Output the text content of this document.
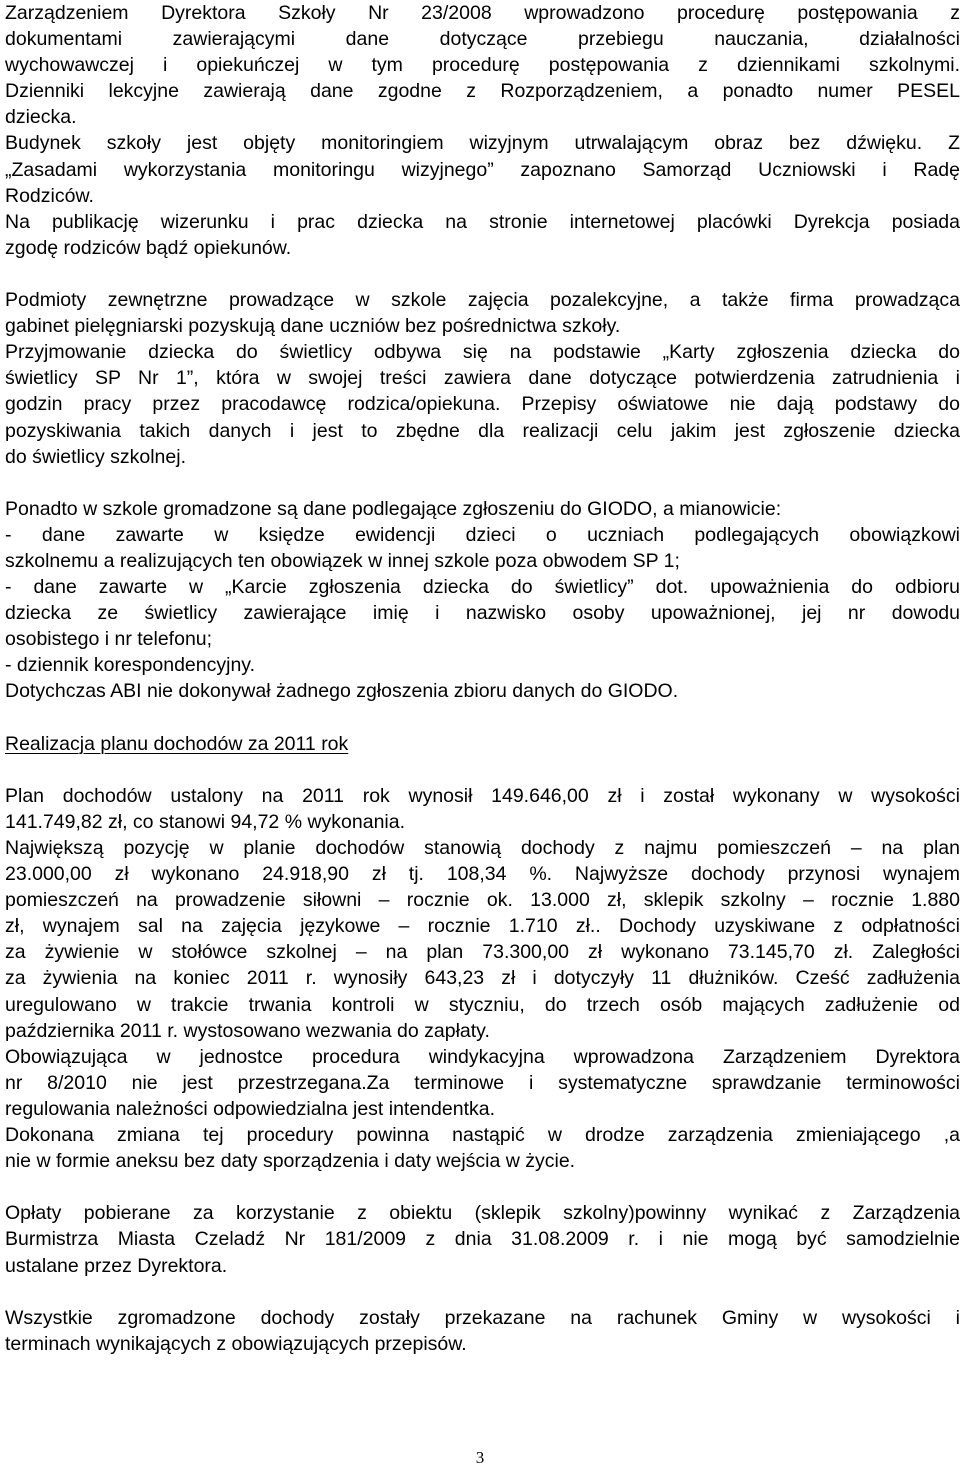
Zarządzeniem Dyrektora Szkoły Nr 23/2008 wprowadzono procedurę postępowania z
dokumentami zawierającymi dane dotyczące przebiegu nauczania, działalności
wychowawczej i opiekuńczej w tym procedurę postępowania z dziennikami szkolnymi.
Dzienniki lekcyjne zawierają dane zgodne z Rozporządzeniem, a ponadto numer PESEL
dziecka.
Budynek szkoły jest objęty monitoringiem wizyjnym utrwalającym obraz bez dźwięku. Z
„Zasadami wykorzystania monitoringu wizyjnego” zapoznano Samorząd Uczniowski i Radę
Rodziców.
Na publikację wizerunku i prac dziecka na stronie internetowej placówki Dyrekcja posiada
zgodę rodziców bądź opiekunów.
Podmioty zewnętrzne prowadzące w szkole zajęcia pozalekcyjne, a także firma prowadząca
gabinet pielęgniarski pozyskują dane uczniów bez pośrednictwa szkoły.
Przyjmowanie dziecka do świetlicy odbywa się na podstawie „Karty zgłoszenia dziecka do
świetlicy SP Nr 1”, która w swojej treści zawiera dane dotyczące potwierdzenia zatrudnienia i
godzin pracy przez pracodawcę rodzica/opiekuna. Przepisy oświatowe nie dają podstawy do
pozyskiwania takich danych i jest to zbędne dla realizacji celu jakim jest zgłoszenie dziecka
do świetlicy szkolnej.
Ponadto w szkole gromadzone są dane podlegające zgłoszeniu do GIODO, a mianowicie:
- dane zawarte w księdze ewidencji dzieci o uczniach podlegających obowiązkowi
szkolnemu a realizujących ten obowiązek w innej szkole poza obwodem SP 1;
- dane zawarte w „Karcie zgłoszenia dziecka do świetlicy” dot. upoważnienia do odbioru
dziecka ze świetlicy zawierające imię i nazwisko osoby upoważnionej, jej nr dowodu
osobistego i nr telefonu;
- dziennik korespondencyjny.
Dotychczas ABI nie dokonywał żadnego zgłoszenia zbioru danych do GIODO.
Realizacja planu dochodów za 2011 rok
Plan dochodów ustalony na 2011 rok wynosił 149.646,00 zł i został wykonany w wysokości
141.749,82 zł, co stanowi 94,72 % wykonania.
Największą pozycję w planie dochodów stanowią dochody z najmu pomieszczeń – na plan
23.000,00 zł wykonano 24.918,90 zł tj. 108,34 %. Najwyższe dochody przynosi wynajem
pomieszczeń na prowadzenie siłowni – rocznie ok. 13.000 zł, sklepik szkolny – rocznie 1.880
zł, wynajem sal na zajęcia językowe – rocznie 1.710 zł.. Dochody uzyskiwane z odpłatności
za żywienie w stołówce szkolnej – na plan 73.300,00 zł wykonano 73.145,70 zł. Zaległości
za żywienia na koniec 2011 r. wynosiły 643,23 zł i dotyczyły 11 dłużników. Cześć zadłużenia
uregulowano w trakcie trwania kontroli w styczniu, do trzech osób mających zadłużenie od
października 2011 r. wystosowano wezwania do zapłaty.
Obowiązująca w jednostce procedura windykacyjna wprowadzona Zarządzeniem Dyrektora
nr 8/2010 nie jest przestrzegana.Za terminowe i systematyczne sprawdzanie terminowości
regulowania należności odpowiedzialna jest intendentka.
Dokonana zmiana tej procedury powinna nastąpić w drodze zarządzenia zmieniającego ,a
nie w formie aneksu bez daty sporządzenia i daty wejścia w życie.
Opłaty pobierane za korzystanie z obiektu (sklepik szkolny)powinny wynikać z Zarządzenia
Burmistrza Miasta Czeladź Nr 181/2009 z dnia 31.08.2009 r. i nie mogą być samodzielnie
ustalane przez Dyrektora.
Wszystkie zgromadzone dochody zostały przekazane na rachunek Gminy w wysokości i
terminach wynikających z obowiązujących przepisów.
3
